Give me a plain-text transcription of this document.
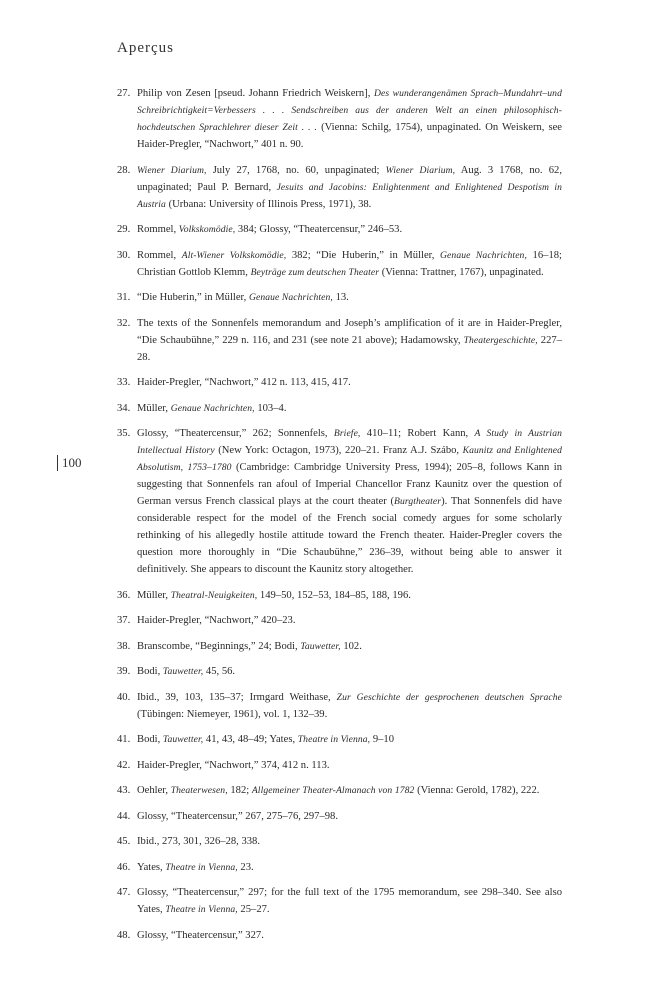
Aperçus
100
27. Philip von Zesen [pseud. Johann Friedrich Weiskern], Des wunderangenämen Sprach–Mundahrt–und Schreibrichtigkeit=Verbessers . . . Sendschreiben aus der anderen Welt an einen philosophisch-hochdeutschen Sprachlehrer dieser Zeit . . . (Vienna: Schilg, 1754), unpaginated. On Weiskern, see Haider-Pregler, “Nachwort,” 401 n. 90.
28. Wiener Diarium, July 27, 1768, no. 60, unpaginated; Wiener Diarium, Aug. 3 1768, no. 62, unpaginated; Paul P. Bernard, Jesuits and Jacobins: Enlightenment and Enlightened Despotism in Austria (Urbana: University of Illinois Press, 1971), 38.
29. Rommel, Volkskomödie, 384; Glossy, “Theatercensur,” 246–53.
30. Rommel, Alt-Wiener Volkskomödie, 382; “Die Huberin,” in Müller, Genaue Nachrichten, 16–18; Christian Gottlob Klemm, Beyträge zum deutschen Theater (Vienna: Trattner, 1767), unpaginated.
31. “Die Huberin,” in Müller, Genaue Nachrichten, 13.
32. The texts of the Sonnenfels memorandum and Joseph’s amplification of it are in Haider-Pregler, “Die Schaubühne,” 229 n. 116, and 231 (see note 21 above); Hadamowsky, Theatergeschichte, 227–28.
33. Haider-Pregler, “Nachwort,” 412 n. 113, 415, 417.
34. Müller, Genaue Nachrichten, 103–4.
35. Glossy, “Theatercensur,” 262; Sonnenfels, Briefe, 410–11; Robert Kann, A Study in Austrian Intellectual History (New York: Octagon, 1973), 220–21. Franz A.J. Szábo, Kaunitz and Enlightened Absolutism, 1753–1780 (Cambridge: Cambridge University Press, 1994); 205–8, follows Kann in suggesting that Sonnenfels ran afoul of Imperial Chancellor Franz Kaunitz over the question of German versus French classical plays at the court theater (Burgtheater). That Sonnenfels did have considerable respect for the model of the French social comedy argues for some scholarly rethinking of his allegedly hostile attitude toward the French theater. Haider-Pregler covers the question more thoroughly in “Die Schaubühne,” 236–39, without being able to answer it definitively. She appears to discount the Kaunitz story altogether.
36. Müller, Theatral-Neuigkeiten, 149–50, 152–53, 184–85, 188, 196.
37. Haider-Pregler, “Nachwort,” 420–23.
38. Branscombe, “Beginnings,” 24; Bodi, Tauwetter, 102.
39. Bodi, Tauwetter, 45, 56.
40. Ibid., 39, 103, 135–37; Irmgard Weithase, Zur Geschichte der gesprochenen deutschen Sprache (Tübingen: Niemeyer, 1961), vol. 1, 132–39.
41. Bodi, Tauwetter, 41, 43, 48–49; Yates, Theatre in Vienna, 9–10
42. Haider-Pregler, “Nachwort,” 374, 412 n. 113.
43. Oehler, Theaterwesen, 182; Allgemeiner Theater-Almanach von 1782 (Vienna: Gerold, 1782), 222.
44. Glossy, “Theatercensur,” 267, 275–76, 297–98.
45. Ibid., 273, 301, 326–28, 338.
46. Yates, Theatre in Vienna, 23.
47. Glossy, “Theatercensur,” 297; for the full text of the 1795 memorandum, see 298–340. See also Yates, Theatre in Vienna, 25–27.
48. Glossy, “Theatercensur,” 327.
